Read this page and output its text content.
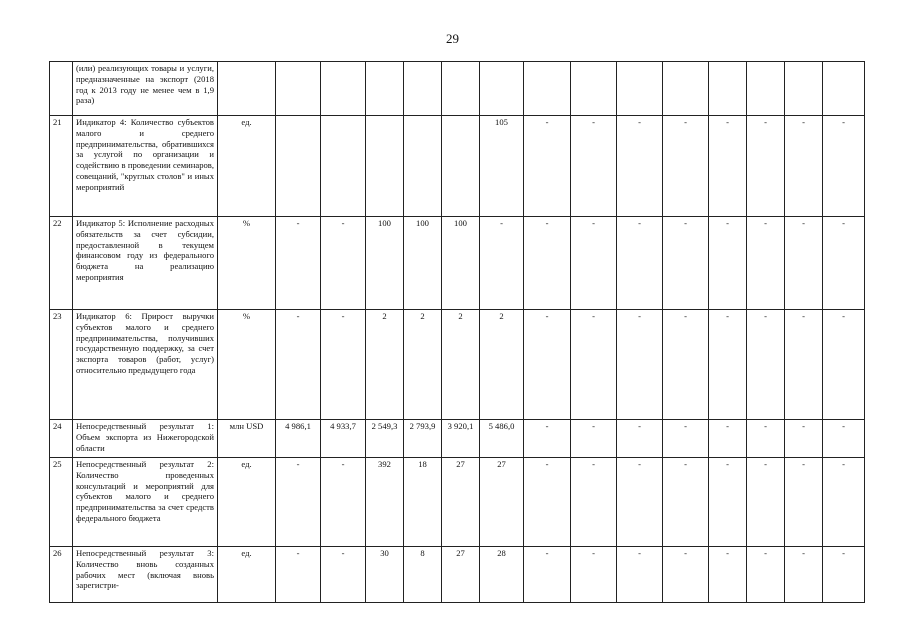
29
	(или) реализующих товары и услуги, предназначенные на экспорт (2018 год к 2013 году не менее чем в 1,9 раза)															
21	Индикатор 4: Количество субъектов малого и среднего предпринимательства, обратившихся за услугой по организации и содействию в проведении семинаров, совещаний, "круглых столов" и иных мероприятий	ед.						105	-	-	-	-	-	-	-	-
22	Индикатор 5: Исполнение расходных обязательств за счет субсидии, предоставленной в текущем финансовом году из федерального бюджета на реализацию мероприятия	%	-	-	100	100	100	-	-	-	-	-	-	-	-	-
23	Индикатор 6: Прирост выручки субъектов малого и среднего предпринимательства, получивших государственную поддержку, за счет экспорта товаров (работ, услуг) относительно предыдущего года	%	-	-	2	2	2	2	-	-	-	-	-	-	-	-
24	Непосредственный результат 1: Объем экспорта из Нижегородской области	млн USD	4 986,1	4 933,7	2 549,3	2 793,9	3 920,1	5 486,0	-	-	-	-	-	-	-	-
25	Непосредственный результат 2: Количество проведенных консультаций и мероприятий для субъектов малого и среднего предпринимательства за счет средств федерального бюджета	ед.	-	-	392	18	27	27	-	-	-	-	-	-	-	-
26	Непосредственный результат 3: Количество вновь созданных рабочих мест (включая вновь зарегистри-	ед.	-	-	30	8	27	28	-	-	-	-	-	-	-	-
